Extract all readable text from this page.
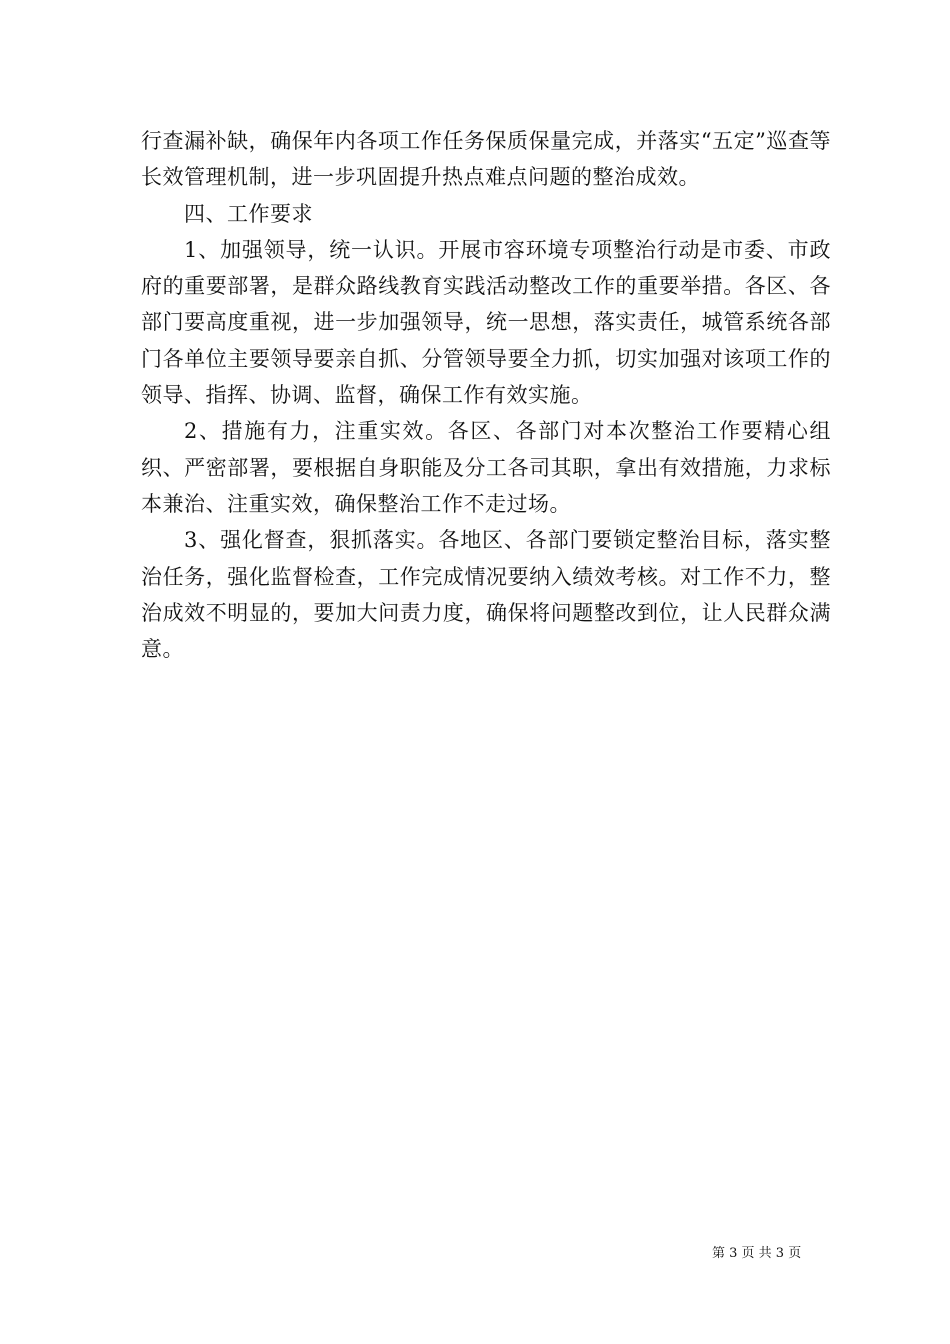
行查漏补缺，确保年内各项工作任务保质保量完成，并落实“五定”巡查等长效管理机制，进一步巩固提升热点难点问题的整治成效。

四、工作要求

1、加强领导，统一认识。开展市容环境专项整治行动是市委、市政府的重要部署，是群众路线教育实践活动整改工作的重要举措。各区、各部门要高度重视，进一步加强领导，统一思想，落实责任，城管系统各部门各单位主要领导要亲自抓、分管领导要全力抓，切实加强对该项工作的领导、指挥、协调、监督，确保工作有效实施。

2、措施有力，注重实效。各区、各部门对本次整治工作要精心组织、严密部署，要根据自身职能及分工各司其职，拿出有效措施，力求标本兼治、注重实效，确保整治工作不走过场。

3、强化督查，狠抓落实。各地区、各部门要锁定整治目标，落实整治任务，强化监督检查，工作完成情况要纳入绩效考核。对工作不力，整治成效不明显的，要加大问责力度，确保将问题整改到位，让人民群众满意。

第 3 页 共 3 页
